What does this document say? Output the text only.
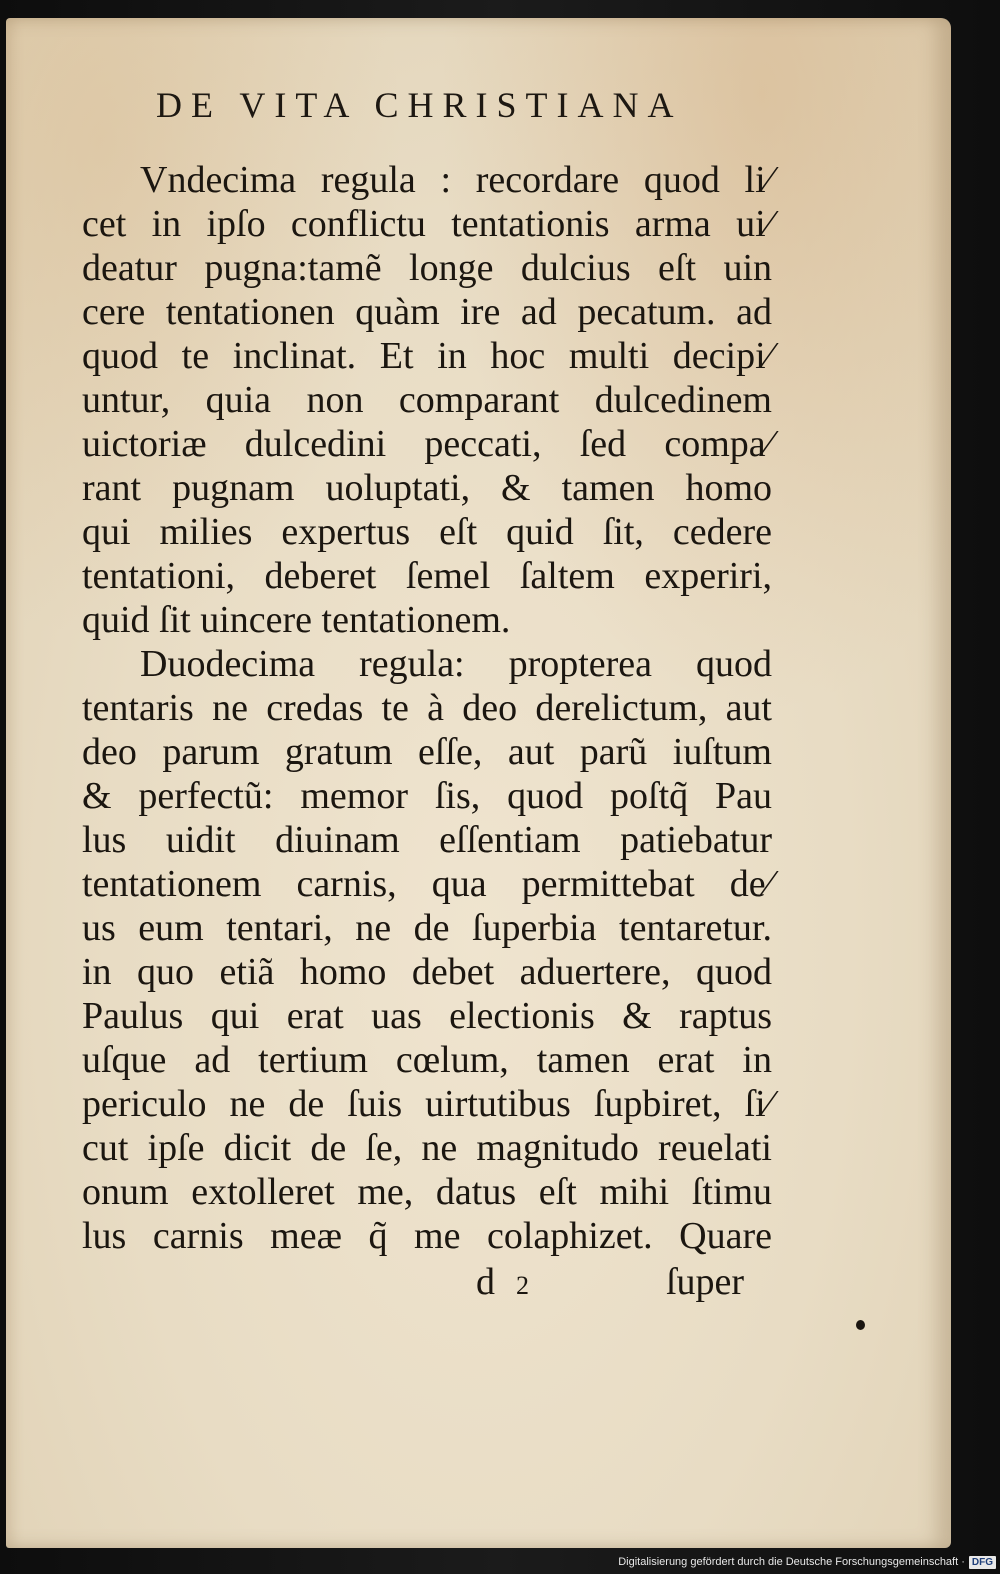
DE VITA CHRISTIANA
Vndecima regula : recordare quod li⁄
cet in ipſo conflictu tentationis arma ui⁄
deatur pugna:tamẽ longe dulcius eſt uin
cere tentationen quàm ire ad pecatum. ad
quod te inclinat. Et in hoc multi decipi⁄
untur, quia non comparant dulcedinem
uictoriæ dulcedini peccati, ſed compa⁄
rant pugnam uoluptati, & tamen homo
qui milies expertus eſt quid ſit, cedere
tentationi, deberet ſemel ſaltem experiri,
quid ſit uincere tentationem.
Duodecima regula: propterea quod
tentaris ne credas te à deo derelictum, aut
deo parum gratum eſſe, aut parũ iuſtum
& perfectũ: memor ſis, quod poſtq̃ Pau
lus uidit diuinam eſſentiam patiebatur
tentationem carnis, qua permittebat de⁄
us eum tentari, ne de ſuperbia tentaretur.
in quo etiã homo debet aduertere, quod
Paulus qui erat uas electionis & raptus
uſque ad tertium cœlum, tamen erat in
periculo ne de ſuis uirtutibus ſupbiret, ſi⁄
cut ipſe dicit de ſe, ne magnitudo reuelati
onum extolleret me, datus eſt mihi ſtimu
lus carnis meæ q̃ me colaphizet. Quare
d 2	ſuper
Digitalisierung gefördert durch die Deutsche Forschungsgemeinschaft · DFG
